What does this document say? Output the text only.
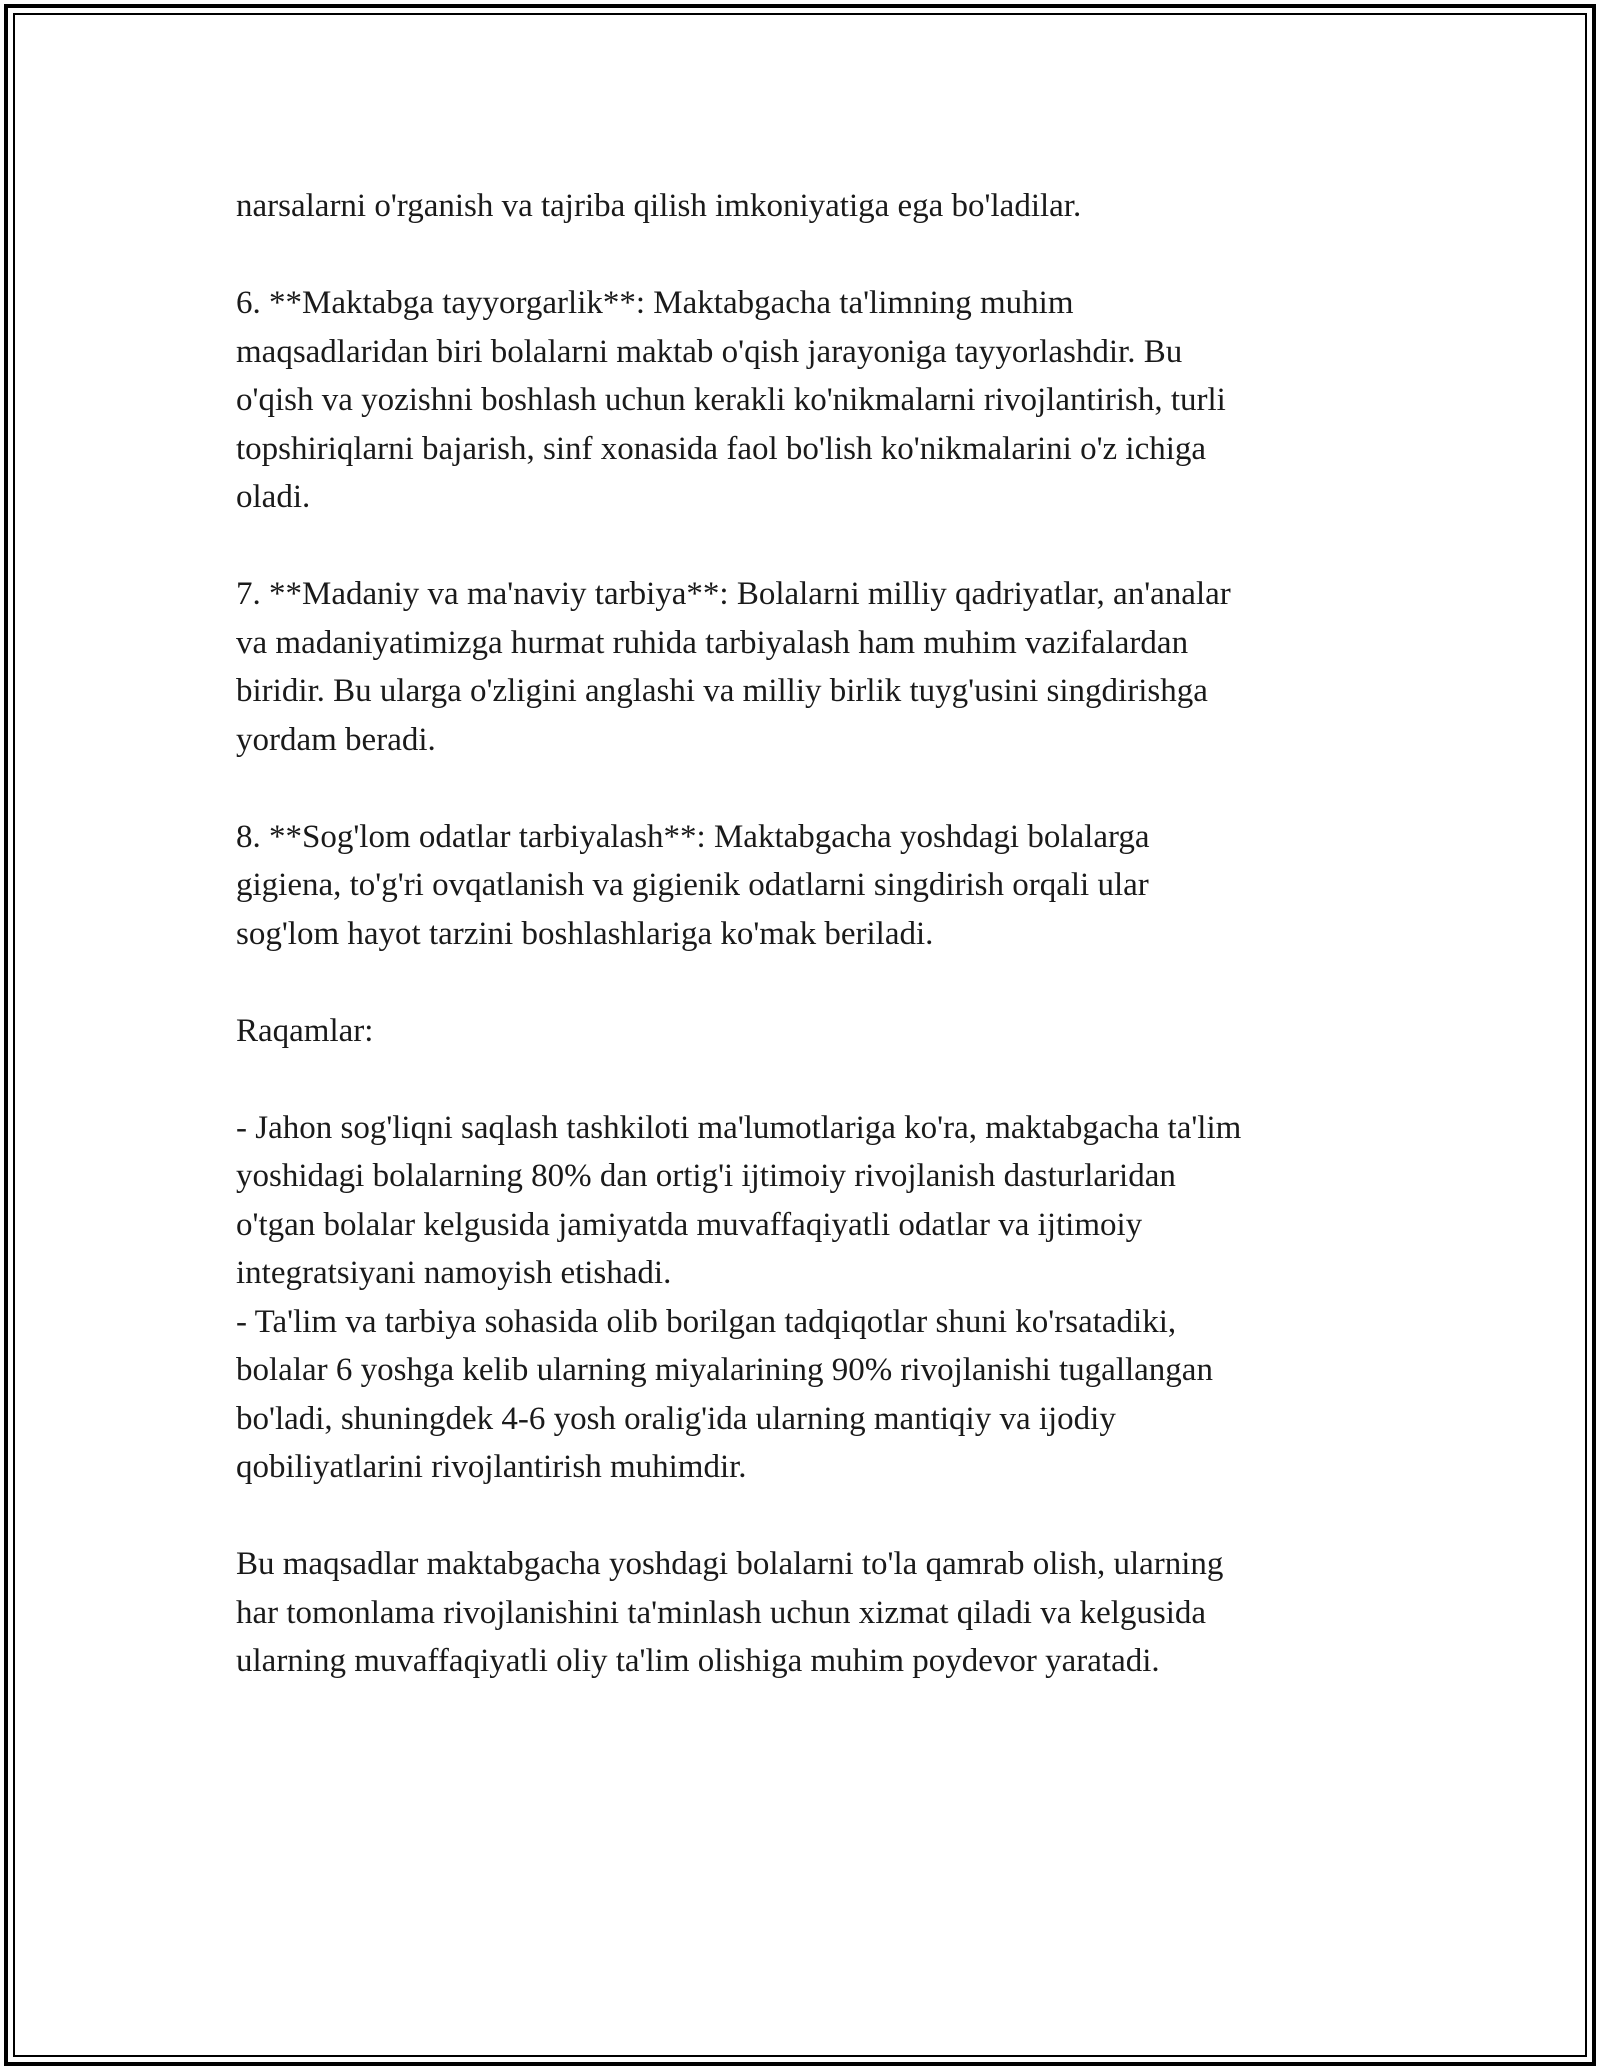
narsalarni o'rganish va tajriba qilish imkoniyatiga ega bo'ladilar.
6. **Maktabga tayyorgarlik**: Maktabgacha ta'limning muhim
maqsadlaridan biri bolalarni maktab o'qish jarayoniga tayyorlashdir. Bu
o'qish va yozishni boshlash uchun kerakli ko'nikmalarni rivojlantirish, turli
topshiriqlarni bajarish, sinf xonasida faol bo'lish ko'nikmalarini o'z ichiga
oladi.
7. **Madaniy va ma'naviy tarbiya**: Bolalarni milliy qadriyatlar, an'analar
va madaniyatimizga hurmat ruhida tarbiyalash ham muhim vazifalardan
biridir. Bu ularga o'zligini anglashi va milliy birlik tuyg'usini singdirishga
yordam beradi.
8. **Sog'lom odatlar tarbiyalash**: Maktabgacha yoshdagi bolalarga
gigiena, to'g'ri ovqatlanish va gigienik odatlarni singdirish orqali ular
sog'lom hayot tarzini boshlashlariga ko'mak beriladi.
Raqamlar:
- Jahon sog'liqni saqlash tashkiloti ma'lumotlariga ko'ra, maktabgacha ta'lim
yoshidagi bolalarning 80% dan ortig'i ijtimoiy rivojlanish dasturlaridan
o'tgan bolalar kelgusida jamiyatda muvaffaqiyatli odatlar va ijtimoiy
integratsiyani namoyish etishadi.
- Ta'lim va tarbiya sohasida olib borilgan tadqiqotlar shuni ko'rsatadiki,
bolalar 6 yoshga kelib ularning miyalarining 90% rivojlanishi tugallangan
bo'ladi, shuningdek 4-6 yosh oralig'ida ularning mantiqiy va ijodiy
qobiliyatlarini rivojlantirish muhimdir.
Bu maqsadlar maktabgacha yoshdagi bolalarni to'la qamrab olish, ularning
har tomonlama rivojlanishini ta'minlash uchun xizmat qiladi va kelgusida
ularning muvaffaqiyatli oliy ta'lim olishiga muhim poydevor yaratadi.
